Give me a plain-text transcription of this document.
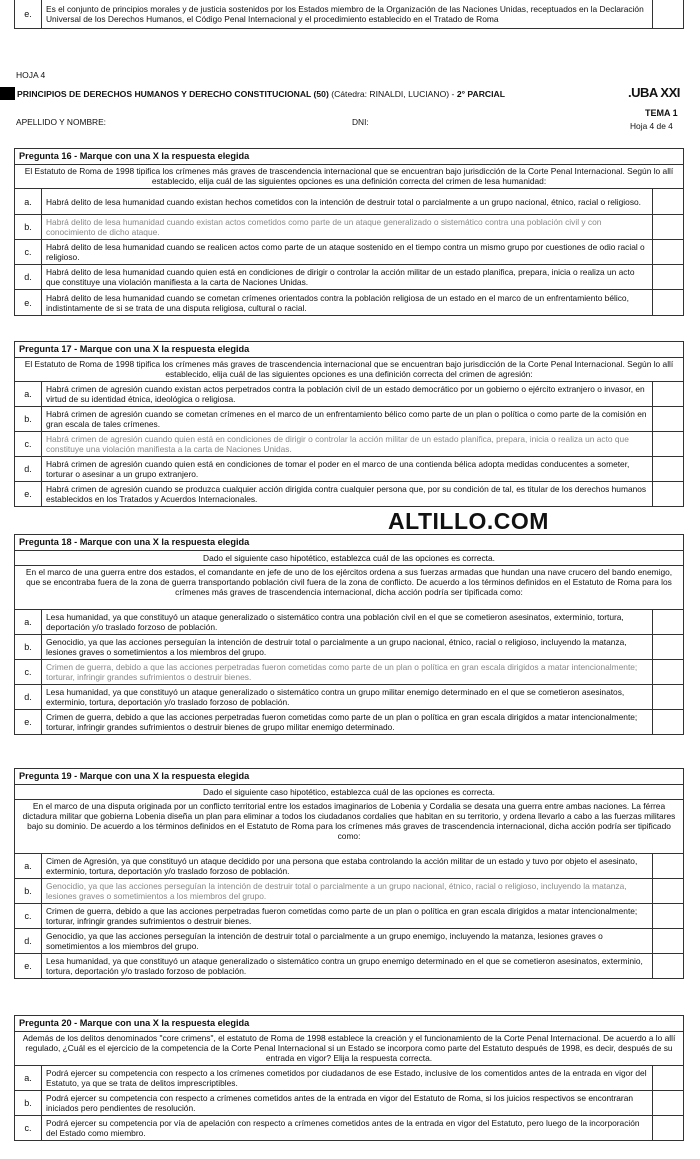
e.	Es el conjunto de principios morales y de justicia sostenidos por los Estados miembro de la Organización de las Naciones Unidas, receptuados en la Declaración Universal de los Derechos Humanos, el Código Penal Internacional y el procedimiento establecido en el Tratado de Roma
HOJA 4
PRINCIPIOS DE DERECHOS HUMANOS Y DERECHO CONSTITUCIONAL (50) (Cátedra: RINALDI, LUCIANO) - 2° PARCIAL	.UBA XXI
APELLIDO Y NOMBRE:	DNI:
TEMA 1
Hoja 4 de 4
Pregunta 16 - Marque con una X la respuesta elegida
El Estatuto de Roma de 1998 tipifica los crímenes más graves de trascendencia internacional que se encuentran bajo jurisdicción de la Corte Penal Internacional. Según lo allí establecido, elija cuál de las siguientes opciones es una definición correcta del crimen de lesa humanidad:
a.	Habrá delito de lesa humanidad cuando existan hechos cometidos con la intención de destruir total o parcialmente a un grupo nacional, étnico, racial o religioso.
b.	Habrá delito de lesa humanidad cuando existan actos cometidos como parte de un ataque generalizado o sistemático contra una población civil y con conocimiento de dicho ataque.
c.	Habrá delito de lesa humanidad cuando se realicen actos como parte de un ataque sostenido en el tiempo contra un mismo grupo por cuestiones de odio racial o religioso.
d.	Habrá delito de lesa humanidad cuando quien está en condiciones de dirigir o controlar la acción militar de un estado planifica, prepara, inicia o realiza un acto que constituye una violación manifiesta a la carta de Naciones Unidas.
e.	Habrá delito de lesa humanidad cuando se cometan crímenes orientados contra la población religiosa de un estado en el marco de un enfrentamiento bélico, indistintamente de si se trata de una disputa religiosa, cultural o racial.
Pregunta 17 - Marque con una X la respuesta elegida
El Estatuto de Roma de 1998 tipifica los crímenes más graves de trascendencia internacional que se encuentran bajo jurisdicción de la Corte Penal Internacional. Según lo allí establecido, elija cuál de las siguientes opciones es una definición correcta del crimen de agresión:
a.	Habrá crimen de agresión cuando existan actos perpetrados contra la población civil de un estado democrático por un gobierno o ejército extranjero o invasor, en virtud de su identidad étnica, ideológica o religiosa.
b.	Habrá crimen de agresión cuando se cometan crímenes en el marco de un enfrentamiento bélico como parte de un plan o política o como parte de la comisión en gran escala de tales crímenes.
c.	Habrá crimen de agresión cuando quien está en condiciones de dirigir o controlar la acción militar de un estado planifica, prepara, inicia o realiza un acto que constituye una violación manifiesta a la carta de Naciones Unidas.
d.	Habrá crimen de agresión cuando quien está en condiciones de tomar el poder en el marco de una contienda bélica adopta medidas conducentes a someter, torturar o asesinar a un grupo extranjero.
e.	Habrá crimen de agresión cuando se produzca cualquier acción dirigida contra cualquier persona que, por su condición de tal, es titular de los derechos humanos establecidos en los Tratados y Acuerdos Internacionales.
ALTILLO.COM
Pregunta 18 - Marque con una X la respuesta elegida
Dado el siguiente caso hipotético, establezca cuál de las opciones es correcta.
En el marco de una guerra entre dos estados, el comandante en jefe de uno de los ejércitos ordena a sus fuerzas armadas que hundan una nave crucero del bando enemigo, que se encontraba fuera de la zona de guerra transportando población civil fuera de la zona de conflicto. De acuerdo a los términos definidos en el Estatuto de Roma para los crímenes más graves de trascendencia internacional, dicha acción podría ser tipificada como:
a.	Lesa humanidad, ya que constituyó un ataque generalizado o sistemático contra una población civil en el que se cometieron asesinatos, exterminio, tortura, deportación y/o traslado forzoso de población.
b.	Genocidio, ya que las acciones perseguían la intención de destruir total o parcialmente a un grupo nacional, étnico, racial o religioso, incluyendo la matanza, lesiones graves o sometimientos a los miembros del grupo.
c.	Crimen de guerra, debido a que las acciones perpetradas fueron cometidas como parte de un plan o política en gran escala dirigidos a matar intencionalmente; torturar, infringir grandes sufrimientos o destruir bienes.
d.	Lesa humanidad, ya que constituyó un ataque generalizado o sistemático contra un grupo militar enemigo determinado en el que se cometieron asesinatos, exterminio, tortura, deportación y/o traslado forzoso de población.
e.	Crimen de guerra, debido a que las acciones perpetradas fueron cometidas como parte de un plan o política en gran escala dirigidos a matar intencionalmente; torturar, infringir grandes sufrimientos o destruir bienes de grupo militar enemigo determinado.
Pregunta 19 - Marque con una X la respuesta elegida
Dado el siguiente caso hipotético, establezca cuál de las opciones es correcta.
En el marco de una disputa originada por un conflicto territorial entre los estados imaginarios de Lobenia y Cordalia se desata una guerra entre ambas naciones. La férrea dictadura militar que gobierna Lobenia diseña un plan para eliminar a todos los ciudadanos cordalies que habitan en su territorio, y ordena llevarlo a cabo a las fuerzas militares bajo su dominio. De acuerdo a los términos definidos en el Estatuto de Roma para los crímenes más graves de trascendencia internacional, dicha acción podría ser tipificado como:
a.	Cimen de Agresión, ya que constituyó un ataque decidido por una persona que estaba controlando la acción militar de un estado y tuvo por objeto el asesinato, exterminio, tortura, deportación y/o traslado forzoso de población.
b.	Genocidio, ya que las acciones perseguían la intención de destruir total o parcialmente a un grupo nacional, étnico, racial o religioso, incluyendo la matanza, lesiones graves o sometimientos a los miembros del grupo.
c.	Crimen de guerra, debido a que las acciones perpetradas fueron cometidas como parte de un plan o política en gran escala dirigidos a matar intencionalmente; torturar, infringir grandes sufrimientos o destruir bienes.
d.	Genocidio, ya que las acciones perseguían la intención de destruir total o parcialmente a un grupo enemigo, incluyendo la matanza, lesiones graves o sometimientos a los miembros del grupo.
e.	Lesa humanidad, ya que constituyó un ataque generalizado o sistemático contra un grupo enemigo determinado en el que se cometieron asesinatos, exterminio, tortura, deportación y/o traslado forzoso de población.
Pregunta 20 - Marque con una X la respuesta elegida
Además de los delitos denominados "core crimens", el estatuto de Roma de 1998 establece la creación y el funcionamiento de la Corte Penal Internacional. De acuerdo a lo allí regulado, ¿Cuál es el ejercicio de la competencia de la Corte Penal Internacional si un Estado se incorpora como parte del Estatuto después de 1998, es decir, después de su entrada en vigor? Elija la respuesta correcta.
a.	Podrá ejercer su competencia con respecto a los crímenes cometidos por ciudadanos de ese Estado, inclusive de los comentidos antes de la entrada en vigor del Estatuto, ya que se trata de delitos imprescriptibles.
b.	Podrá ejercer su competencia con respecto a crímenes cometidos antes de la entrada en vigor del Estatuto de Roma, si los juicios respectivos se encontraran iniciados pero pendientes de resolución.
c.	Podrá ejercer su competencia por vía de apelación con respecto a crímenes cometidos antes de la entrada en vigor del Estatuto, pero luego de la incorporación del Estado como miembro.
